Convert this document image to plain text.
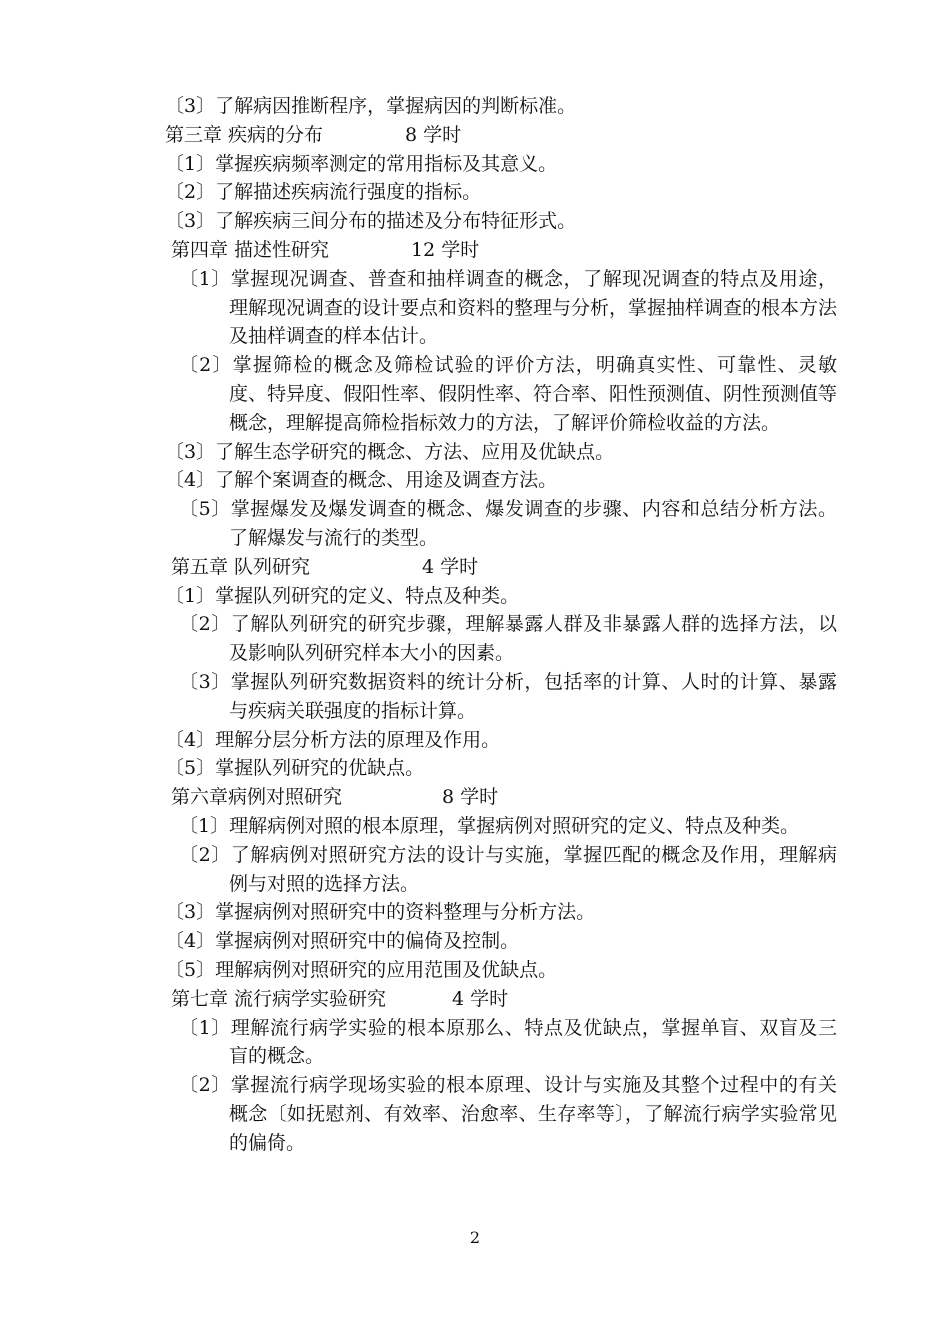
〔3〕了解病因推断程序，掌握病因的判断标准。
第三章 疾病的分布	8 学时
〔1〕掌握疾病频率测定的常用指标及其意义。
〔2〕了解描述疾病流行强度的指标。
〔3〕了解疾病三间分布的描述及分布特征形式。
第四章 描述性研究	12 学时
〔1〕掌握现况调查、普查和抽样调查的概念，了解现况调查的特点及用途，理解现况调查的设计要点和资料的整理与分析，掌握抽样调查的根本方法及抽样调查的样本估计。
〔2〕掌握筛检的概念及筛检试验的评价方法，明确真实性、可靠性、灵敏度、特异度、假阳性率、假阴性率、符合率、阳性预测值、阴性预测值等概念，理解提高筛检指标效力的方法，了解评价筛检收益的方法。
〔3〕了解生态学研究的概念、方法、应用及优缺点。
〔4〕了解个案调查的概念、用途及调查方法。
〔5〕掌握爆发及爆发调查的概念、爆发调查的步骤、内容和总结分析方法。了解爆发与流行的类型。
第五章 队列研究	4 学时
〔1〕掌握队列研究的定义、特点及种类。
〔2〕了解队列研究的研究步骤，理解暴露人群及非暴露人群的选择方法，以及影响队列研究样本大小的因素。
〔3〕掌握队列研究数据资料的统计分析，包括率的计算、人时的计算、暴露与疾病关联强度的指标计算。
〔4〕理解分层分析方法的原理及作用。
〔5〕掌握队列研究的优缺点。
第六章病例对照研究	8 学时
〔1〕理解病例对照的根本原理，掌握病例对照研究的定义、特点及种类。
〔2〕了解病例对照研究方法的设计与实施，掌握匹配的概念及作用，理解病例与对照的选择方法。
〔3〕掌握病例对照研究中的资料整理与分析方法。
〔4〕掌握病例对照研究中的偏倚及控制。
〔5〕理解病例对照研究的应用范围及优缺点。
第七章 流行病学实验研究	4 学时
〔1〕理解流行病学实验的根本原那么、特点及优缺点，掌握单盲、双盲及三盲的概念。
〔2〕掌握流行病学现场实验的根本原理、设计与实施及其整个过程中的有关概念〔如抚慰剂、有效率、治愈率、生存率等〕，了解流行病学实验常见的偏倚。
2
